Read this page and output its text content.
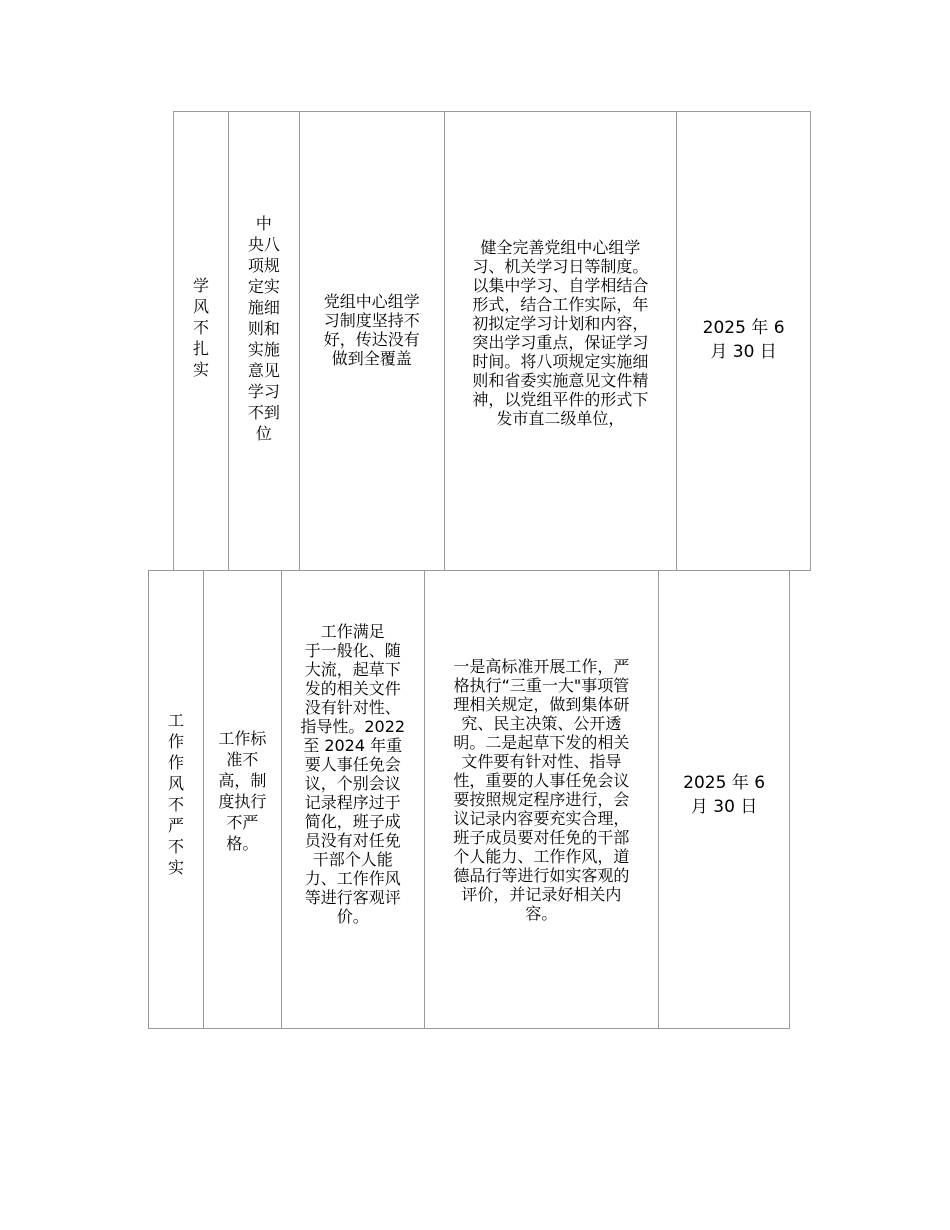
学
风
不
扎
实
中
央八
项规
定实
施细
则和
实施
意见
学习
不到
位
党组中心组学
习制度坚持不
好，传达没有
做到全覆盖
健全完善党组中心组学
习、机关学习日等制度。
以集中学习、自学相结合
形式，结合工作实际，年
初拟定学习计划和内容，
突出学习重点，保证学习
时间。将八项规定实施细
则和省委实施意见文件精
神，以党组平件的形式下
发市直二级单位，
2025 年 6
月 30 日
工
作
作
风
不
严
不
实
工作标
准不
高，制
度执行
不严
格。
工作满足
于一般化、随
大流，起草下
发的相关文件
没有针对性、
指导性。2022
至 2024 年重
要人事任免会
议，个别会议
记录程序过于
简化，班子成
员没有对任免
干部个人能
力、工作作风
等进行客观评
价。
一是高标准开展工作，严
格执行“三重一大"事项管
理相关规定，做到集体研
究、民主决策、公开透
明。二是起草下发的相关
文件要有针对性、指导
性，重要的人事任免会议
要按照规定程序进行，会
议记录内容要充实合理，
班子成员要对任免的干部
个人能力、工作作风，道
德品行等进行如实客观的
评价，并记录好相关内
容。
2025 年 6
月 30 日
